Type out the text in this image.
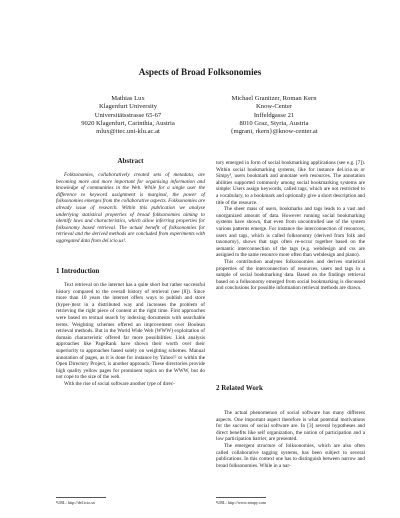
Aspects of Broad Folksonomies
Mathias Lux
Klagenfurt University
Universitätsstrasse 65-67
9020 Klagenfurt, Carinthia, Austria
mlux@itec.uni-klu.ac.at
Michael Granitzer, Roman Kern
Know-Center
Inffeldgasse 21
8010 Graz, Styria, Austria
{mgrani, rkern}@know-center.at
Abstract

Folksonomies, collaboratively created sets of metadata, are becoming more and more important for organising information and knowledge of communities in the Web. While for a single user the difference to keyword assignment is marginal, the power of folksonomies emerges from the collaborative aspects. Folksonomies are already issue of research. Within this publication we analyse underlying statistical properties of broad folksonomies aiming to identify laws and characteristics, which allow inferring properties for folksonomy based retrieval. The actual benefit of folksonomies for retrieval and the derived methods are concluded from experiments with aggregated data from del.icio.us¹.

1 Introduction

Text retrieval on the internet has a quite short but rather successful history compared to the overall history of retrieval (see [8]). Since more than 10 years the internet offers ways to publish and store (hyper-)text in a distributed way and increases the problem of retrieving the right piece of content at the right time. First approaches were based on textual search by indexing documents with searchable terms. Weighting schemes offered an improvement over Boolean retrieval methods. But in the World Wide Web (WWW) exploitation of domain characteristic offered far more possibilities: Link analysis approaches like PageRank have shown their worth over their superiority to approaches based solely on weighting schemes. Manual annotation of pages, as it is done for instance by Yahoo!² or within the Open Directory Project, is another approach. These directories provide high quality yellow pages for prominent topics on the WWW, but do not cope to the size of the web.

With the rise of social software another type of direc-

tory emerged in form of social bookmarking applications (see e.g. [7]). Within social bookmarking systems, like for instance del.icio.us or Simpy³, users bookmark and annotate web resources. The annotation abilities supported commonly among social bookmarking systems are simple: Users assign keywords, called tags, which are not restricted to a vocabulary, to a bookmark and optionally give a short description and title of the resource.

The sheer mass of users, bookmarks and tags leads to a vast and unorganized amount of data. However running social bookmarking systems have shown, that even from uncontrolled use of the system various patterns emerge. For instance the interconnection of resources, users and tags, which is called folksonomy (derived from folk and taxonomy), shows that tags often re-occur together based on the semantic interconnection of the tags (e.g. webdesign and css are assigned to the same resource more often than webdesign and piano).

This contribution analyses folksonomies and derives statistical properties of the interconnection of resources, users and tags in a sample of social bookmarking data. Based on the findings retrieval based on a folksonomy emerged from social bookmarking is discussed and conclusions for possible information retrieval methods are drawn.

2 Related Work

The actual phenomenon of social software has many different aspects. One important aspect therefore is what potential motivations for the success of social software are. In [3] several hypotheses and direct benefits like self organization, the notion of participation and a low participation barrier, are presented.

The emergent structure of folksonomies, which are also often called collaborative tagging systems, has been subject to several publications. In this context one has to distinguish between narrow and broad folksonomies. While in a nar-

¹URL: http://del.icio.us	³URL: http://www.simpy.com
